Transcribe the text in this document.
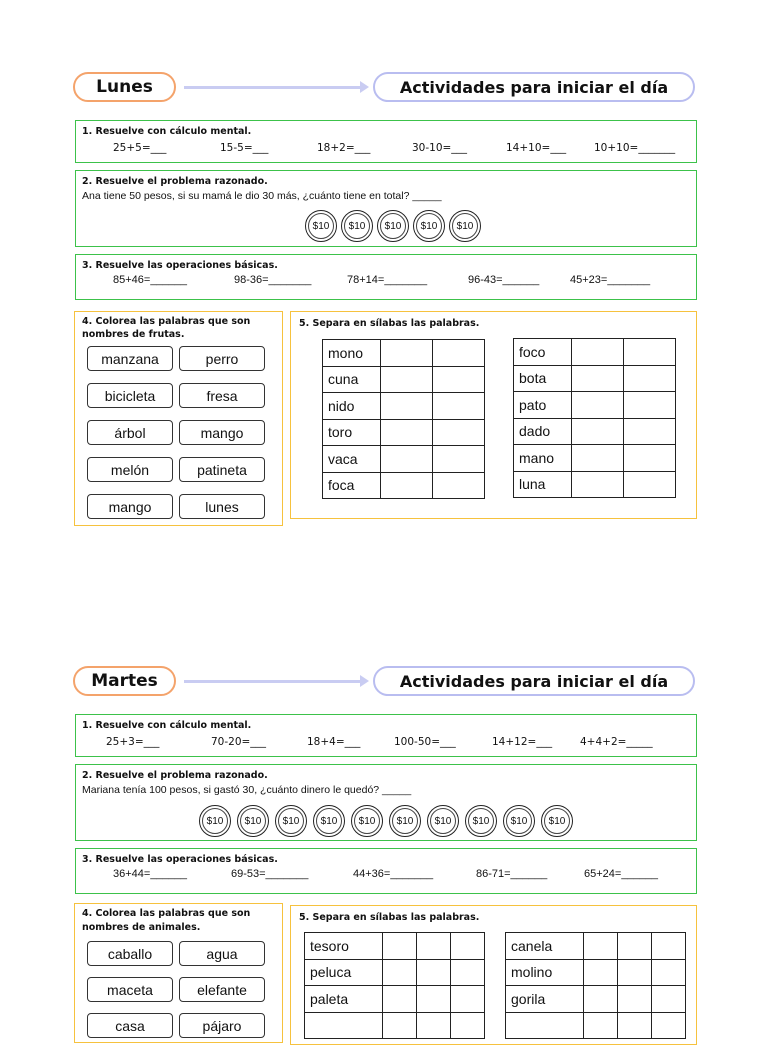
Lunes	Actividades para iniciar el día
1. Resuelve con cálculo mental.
25+5=___	15-5=___	18+2=___	30-10=___	14+10=___	10+10=_______
2. Resuelve el problema razonado.
Ana tiene 50 pesos, si su mamá le dio 30 más, ¿cuánto tiene en total? _____
$10	$10	$10	$10	$10
3. Resuelve las operaciones básicas.
85+46=______	98-36=_______	78+14=_______	96-43=______	45+23=_______
4. Colorea las palabras que son
nombres de frutas.
manzana	perro
bicicleta	fresa
árbol	mango
melón	patineta
mango	lunes
5. Separa en sílabas las palabras.
mono		
cuna		
nido		
toro		
vaca		
foca		
foco		
bota		
pato		
dado		
mano		
luna		
Martes	Actividades para iniciar el día
1. Resuelve con cálculo mental.
25+3=___	70-20=___	18+4=___	100-50=___	14+12=___	4+4+2=_____
2. Resuelve el problema razonado.
Mariana tenía 100 pesos, si gastó 30, ¿cuánto dinero le quedó? _____
$10	$10	$10	$10	$10	$10	$10	$10	$10	$10
3. Resuelve las operaciones básicas.
36+44=______	69-53=_______	44+36=_______	86-71=______	65+24=______
4. Colorea las palabras que son
nombres de animales.
caballo	agua
maceta	elefante
casa	pájaro
5. Separa en sílabas las palabras.
tesoro			
peluca			
paleta			

canela			
molino			
gorila			
